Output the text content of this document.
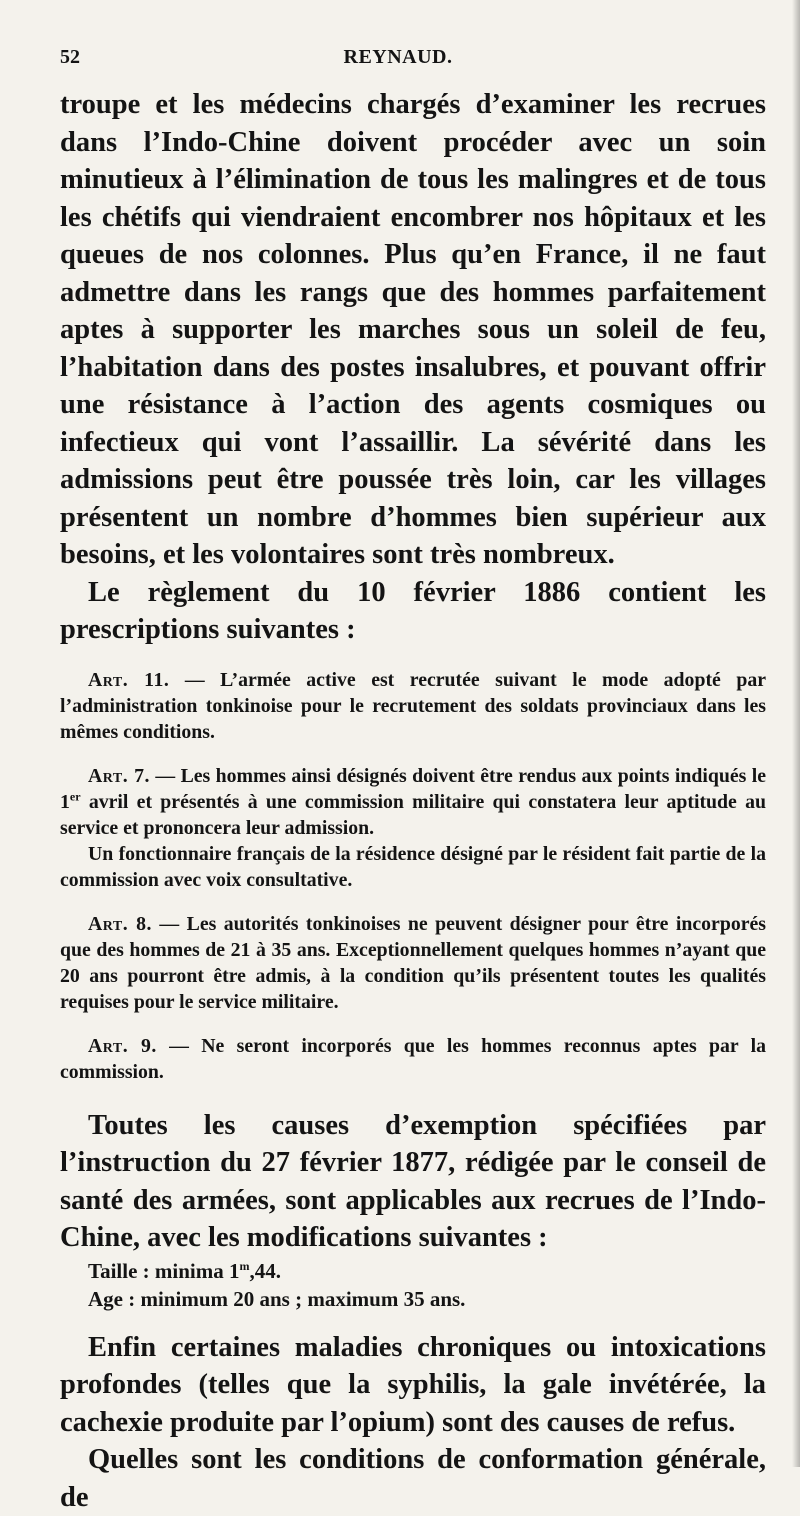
52	REYNAUD.

troupe et les médecins chargés d’examiner les recrues dans l’Indo-Chine doivent procéder avec un soin minutieux à l’élimination de tous les malingres et de tous les chétifs qui viendraient encombrer nos hôpitaux et les queues de nos colonnes. Plus qu’en France, il ne faut admettre dans les rangs que des hommes parfaitement aptes à supporter les marches sous un soleil de feu, l’habitation dans des postes insalubres, et pouvant offrir une résistance à l’action des agents cosmiques ou infectieux qui vont l’assaillir. La sévérité dans les admissions peut être poussée très loin, car les villages présentent un nombre d’hommes bien supérieur aux besoins, et les volontaires sont très nombreux.

Le règlement du 10 février 1886 contient les prescriptions suivantes :

Art. 11. — L’armée active est recrutée suivant le mode adopté par l’administration tonkinoise pour le recrutement des soldats provinciaux dans les mêmes conditions.

Art. 7. — Les hommes ainsi désignés doivent être rendus aux points indiqués le 1er avril et présentés à une commission militaire qui constatera leur aptitude au service et prononcera leur admission.

Un fonctionnaire français de la résidence désigné par le résident fait partie de la commission avec voix consultative.

Art. 8. — Les autorités tonkinoises ne peuvent désigner pour être incorporés que des hommes de 21 à 35 ans. Exceptionnellement quelques hommes n’ayant que 20 ans pourront être admis, à la condition qu’ils présentent toutes les qualités requises pour le service militaire.

Art. 9. — Ne seront incorporés que les hommes reconnus aptes par la commission.

Toutes les causes d’exemption spécifiées par l’instruction du 27 février 1877, rédigée par le conseil de santé des armées, sont applicables aux recrues de l’Indo-Chine, avec les modifications suivantes :

Taille : minima 1$^m$,44.

Age : minimum 20 ans ; maximum 35 ans.

Enfin certaines maladies chroniques ou intoxications profondes (telles que la syphilis, la gale invétérée, la cachexie produite par l’opium) sont des causes de refus.

Quelles sont les conditions de conformation générale, de
